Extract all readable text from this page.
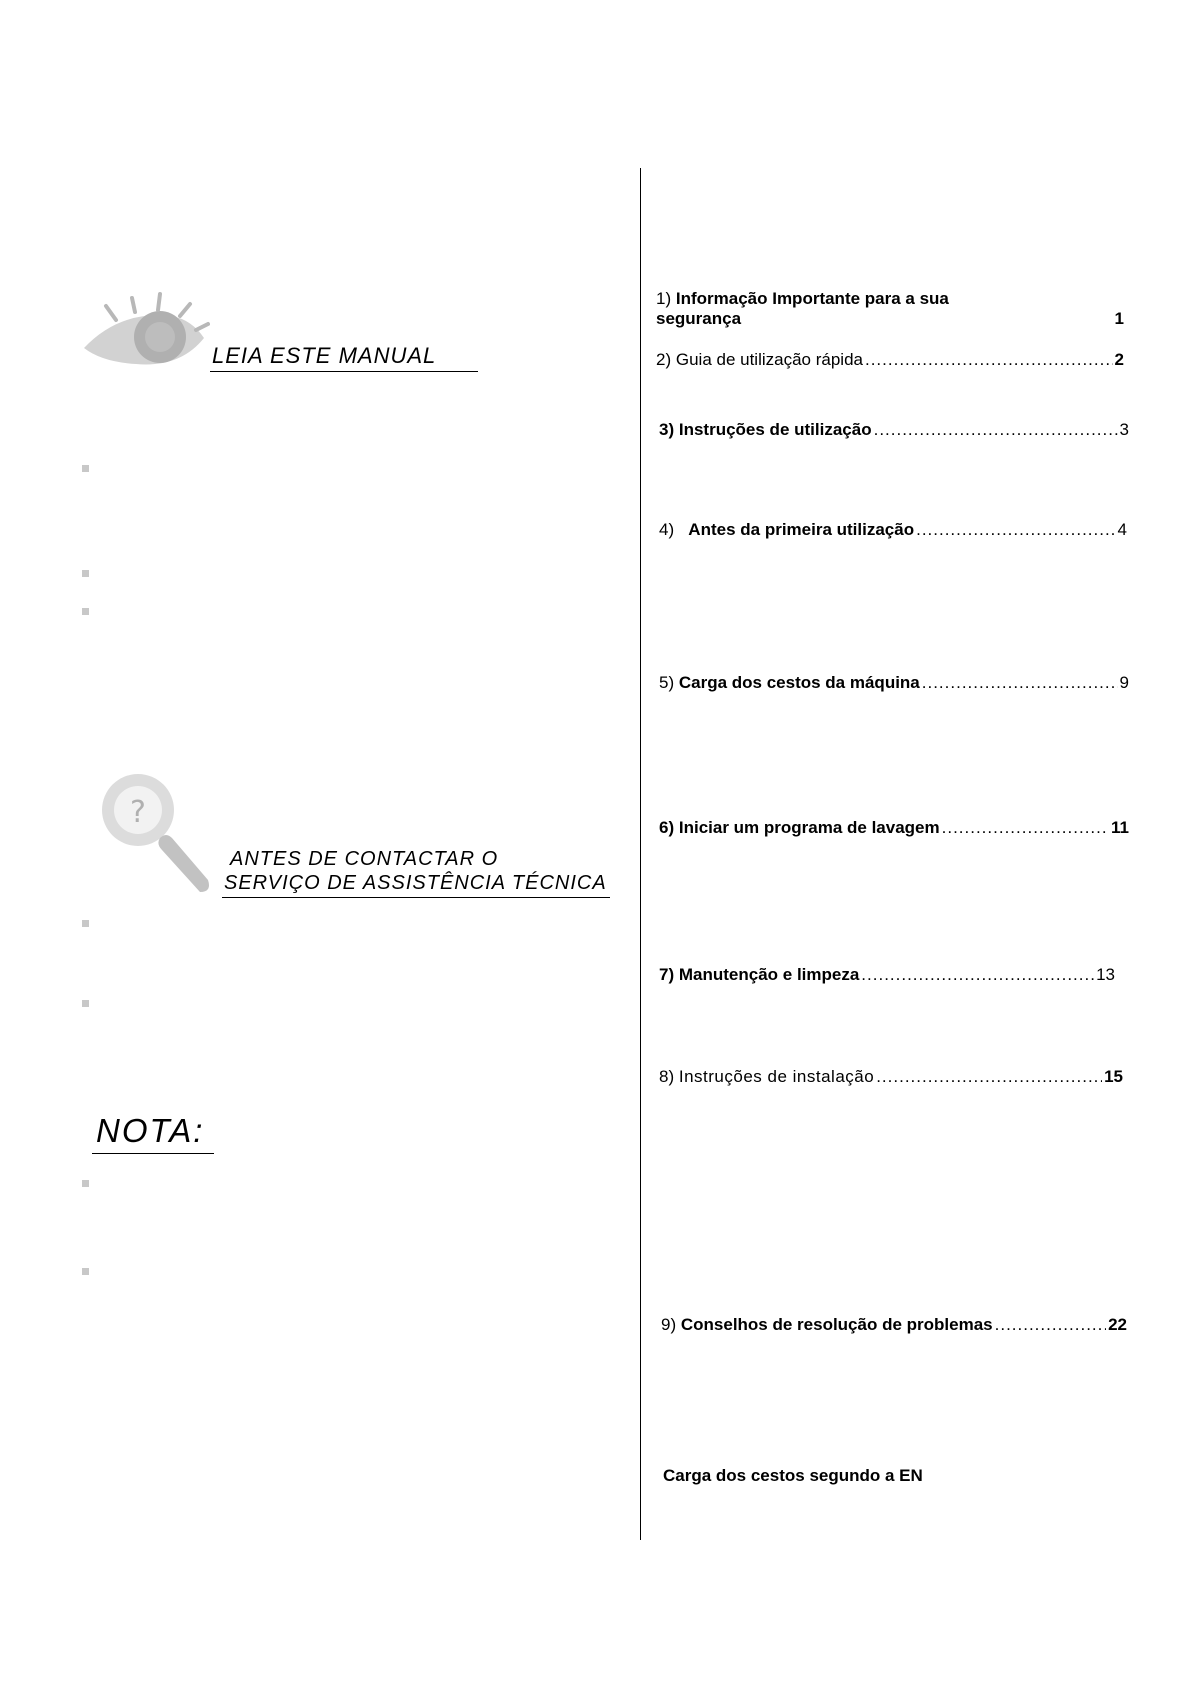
LEIA ESTE MANUAL
?
ANTES DE CONTACTAR O
SERVIÇO DE ASSISTÊNCIA TÉCNICA
NOTA:
1) Informação Importante para a sua
segurança	1
2)
Guia de utilização rápida .....	2
3)
Instruções de utilização .....	3
4)
Antes da primeira utilização .....	4
5)
Carga dos cestos da máquina .....	9
6)
Iniciar um programa de lavagem .....	11
7)
Manutenção e limpeza .....	13
8)
Instruções de instalação .....	15
9)
Conselhos de resolução de problemas .....	22
Carga dos cestos segundo a EN
